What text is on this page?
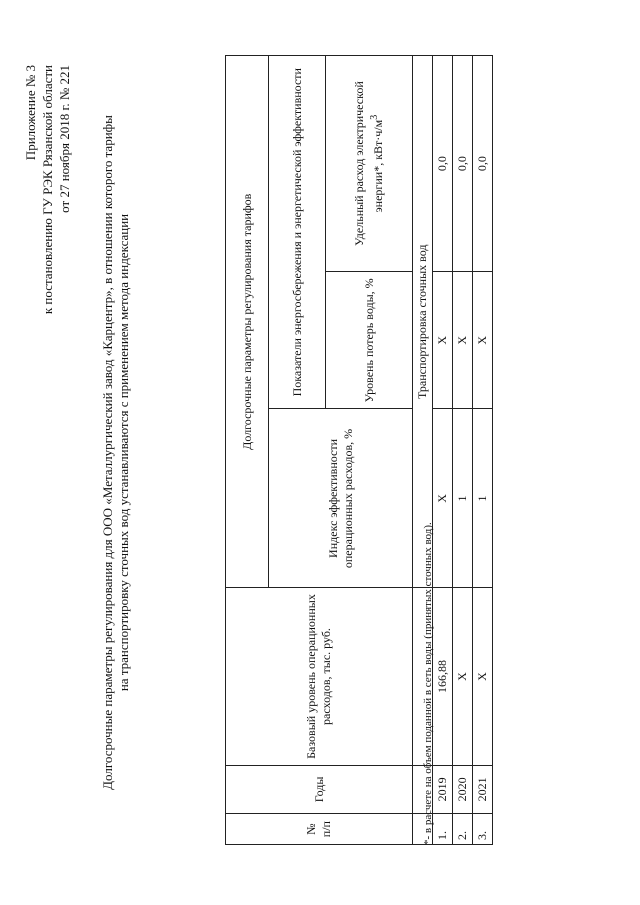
Приложение № 3 к постановлению ГУ РЭК Рязанской области от 27 ноября 2018 г. № 221 Долгосрочные параметры регулирования для ООО «Металлургический завод «Карцентр», в отношении которого тарифы на транспортировку сточных вод устанавливаются с применением метода индексации
№ п/п	Годы	Базовый уровень операционных расходов, тыс. руб.	Долгосрочные параметры регулирования тарифов		
			Индекс эффективности операционных расходов, %	Показатели энергосбережения и энергетической эффективности	
				Уровень потерь воды, %	Удельный расход электрической энергии*, $кВт\cdot ч/м^3$
			Транспортировка сточных вод		
1.	2019	166,88	X	X	0,0
2.	2020	X	1	X	0,0
3.	2021	X	1	X	0,0
*- в расчете на объем поданной в сеть воды (принятых сточных вод).
